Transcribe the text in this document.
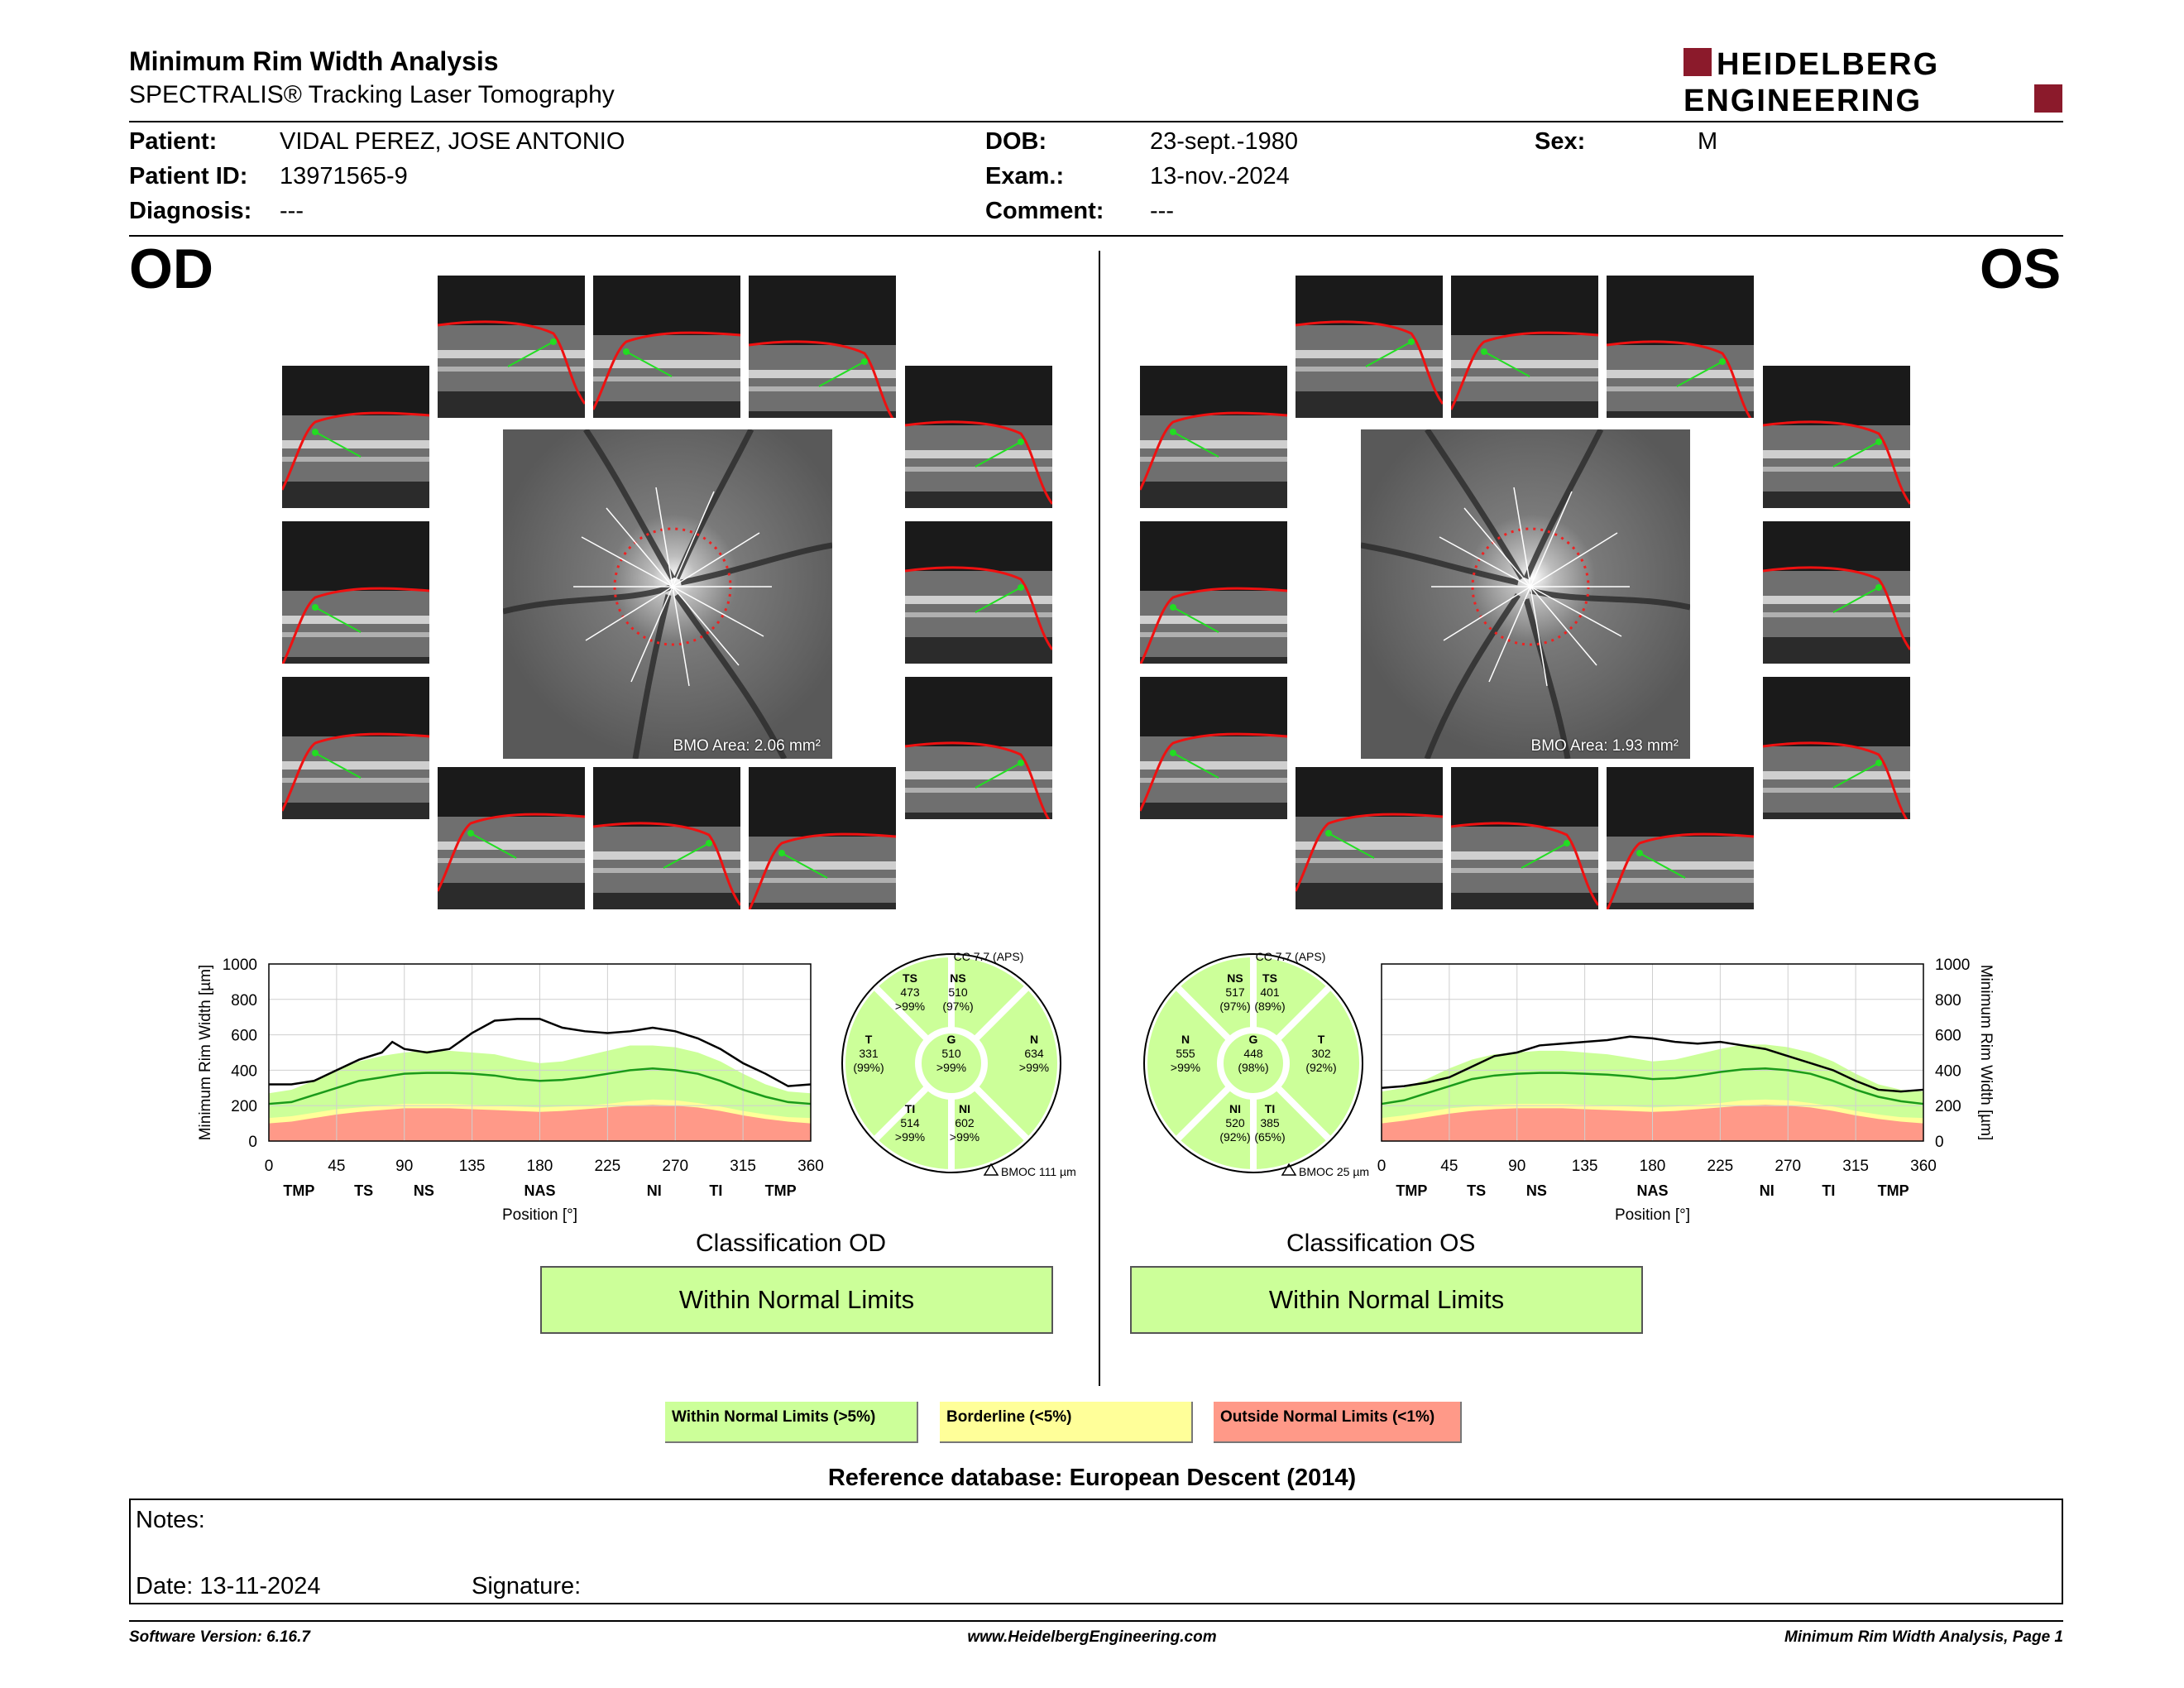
Minimum Rim Width Analysis
SPECTRALIS® Tracking Laser Tomography
HEIDELBERG
ENGINEERING
Patient:	VIDAL PEREZ, JOSE ANTONIO
Patient ID: 13971565-9
Diagnosis: ---
DOB:	23-sept.-1980
Exam.:	13-nov.-2024
Comment: ---
Sex:	M
OD	OS
BMO Area: 2.06 mm²	BMO Area: 1.93 mm²
0	45	90	135	180	225	270	315	360
0
200
400
600
800
1000
TMP	TS	NS	NAS	NI	TI	TMP
Position [°]
Minimum Rim Width [µm]
0	45	90	135	180	225	270	315	360
0
200
400
600
800
1000
TMP	TS	NS	NAS	NI	TI	TMP
Position [°]
Minimum Rim Width [µm]
TS
473
>99%
NS
510
(97%)
T
331
(99%)
G
510
>99%
N
634
>99%
TI
514
>99%
NI
602
>99%
CC 7.7 (APS)
BMOC 111 µm
NS
517
(97%)
TS
401
(89%)
N
555
>99%
G
448
(98%)
T
302
(92%)
NI
520
(92%)
TI
385
(65%)
CC 7.7 (APS)
BMOC 25 µm
Classification OD
Within Normal Limits
Classification OS
Within Normal Limits
Within Normal Limits (>5%)	Borderline (<5%)	Outside Normal Limits (<1%)
Reference database: European Descent (2014)
Notes:
Date: 13-11-2024	Signature:
Software Version: 6.16.7	www.HeidelbergEngineering.com	Minimum Rim Width Analysis, Page 1
